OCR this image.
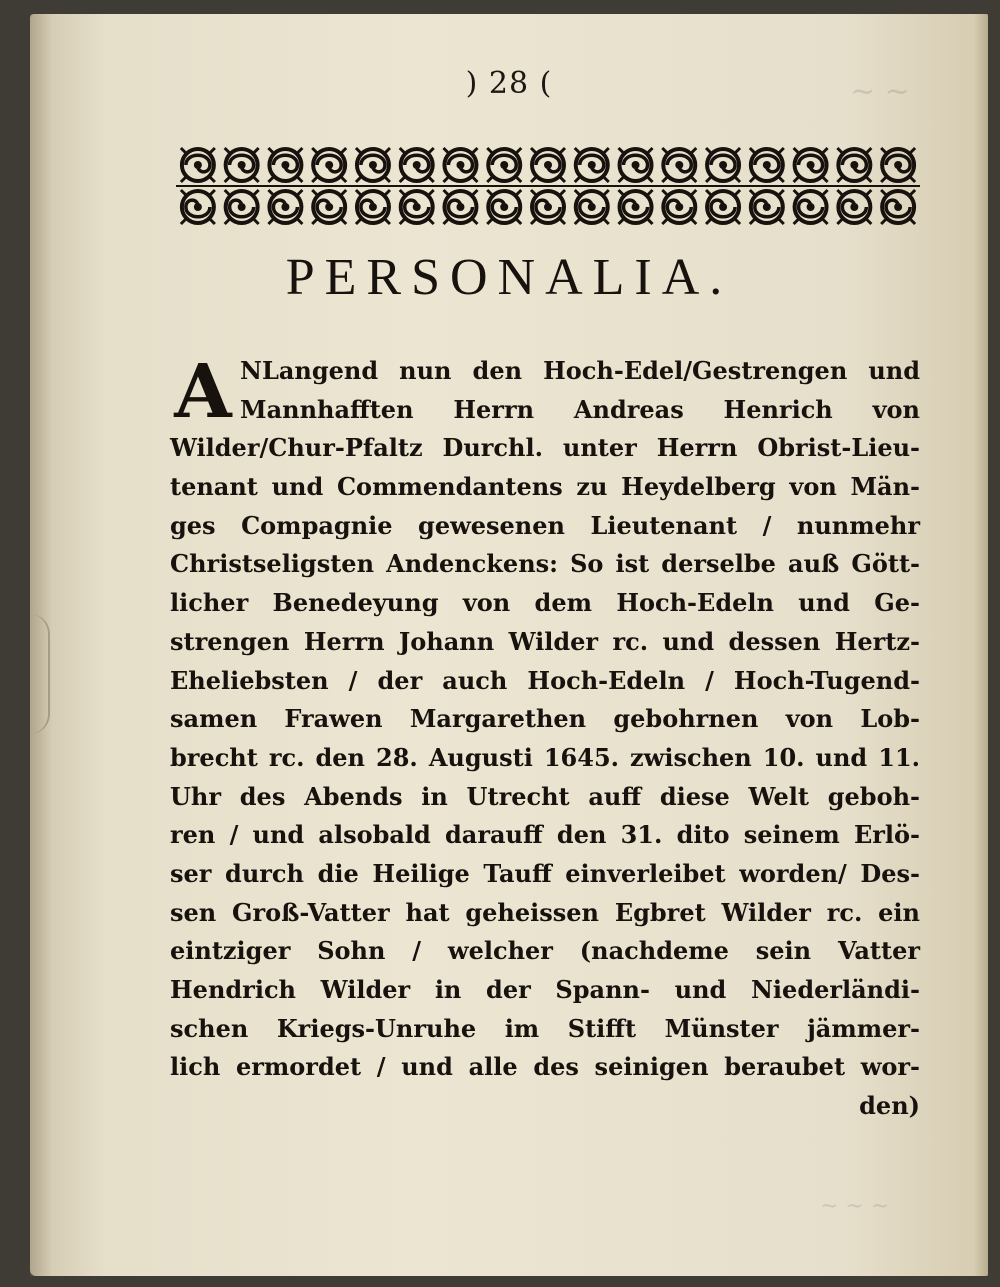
~ ~
~ ~ ~
) 28 (
PERSONALIA.
A NLangend nun den Hoch-Edel/Gestrengen und
Mannhafften Herrn Andreas Henrich von
Wilder/Chur-Pfaltz Durchl. unter Herrn Obrist-Lieu-
tenant und Commendantens zu Heydelberg von Män-
ges Compagnie gewesenen Lieutenant / nunmehr
Christseligsten Andenckens: So ist derselbe auß Gött-
licher Benedeyung von dem Hoch-Edeln und Ge-
strengen Herrn Johann Wilder rc. und dessen Hertz-
Eheliebsten / der auch Hoch-Edeln / Hoch-Tugend-
samen Frawen Margarethen gebohrnen von Lob-
brecht rc. den 28. Augusti 1645. zwischen 10. und 11.
Uhr des Abends in Utrecht auff diese Welt geboh-
ren / und alsobald darauff den 31. dito seinem Erlö-
ser durch die Heilige Tauff einverleibet worden/ Des-
sen Groß-Vatter hat geheissen Egbret Wilder rc. ein
eintziger Sohn / welcher (nachdeme sein Vatter
Hendrich Wilder in der Spann- und Niederländi-
schen Kriegs-Unruhe im Stifft Münster jämmer-
lich ermordet / und alle des seinigen beraubet wor-
den)
